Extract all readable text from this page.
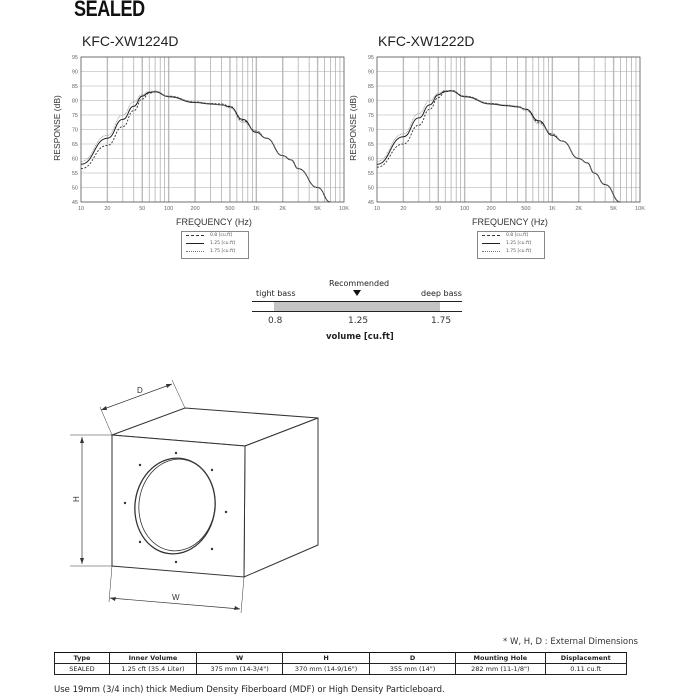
SEALED
KFC-XW1224D	KFC-XW1222D
45
50
55
60
65
70
75
80
85
90
95
10	20	50	100	200	500	1K	2K	5K	10K
45
50
55
60
65
70
75
80
85
90
95
10	20	50	100	200	500	1K	2K	5K	10K
RESPONSE (dB)	RESPONSE (dB)
FREQUENCY (Hz)	FREQUENCY (Hz)
0.8 [cu.ft]
1.25 [cu.ft]
1.75 [cu.ft]
0.8 [cu.ft]
1.25 [cu.ft]
1.75 [cu.ft]
tight bass
Recommended
deep bass
0.8	1.25	1.75
volume [cu.ft]
D
H
W
* W, H, D : External Dimensions
Type	Inner Volume	W	H	D	Mounting Hole	Displacement
SEALED	1.25 cft (35.4 Liter)	375 mm (14-3/4")	370 mm (14-9/16")	355 mm (14")	282 mm (11-1/8")	0.11 cu.ft
Use 19mm (3/4 inch) thick Medium Density Fiberboard (MDF) or High Density Particleboard.
